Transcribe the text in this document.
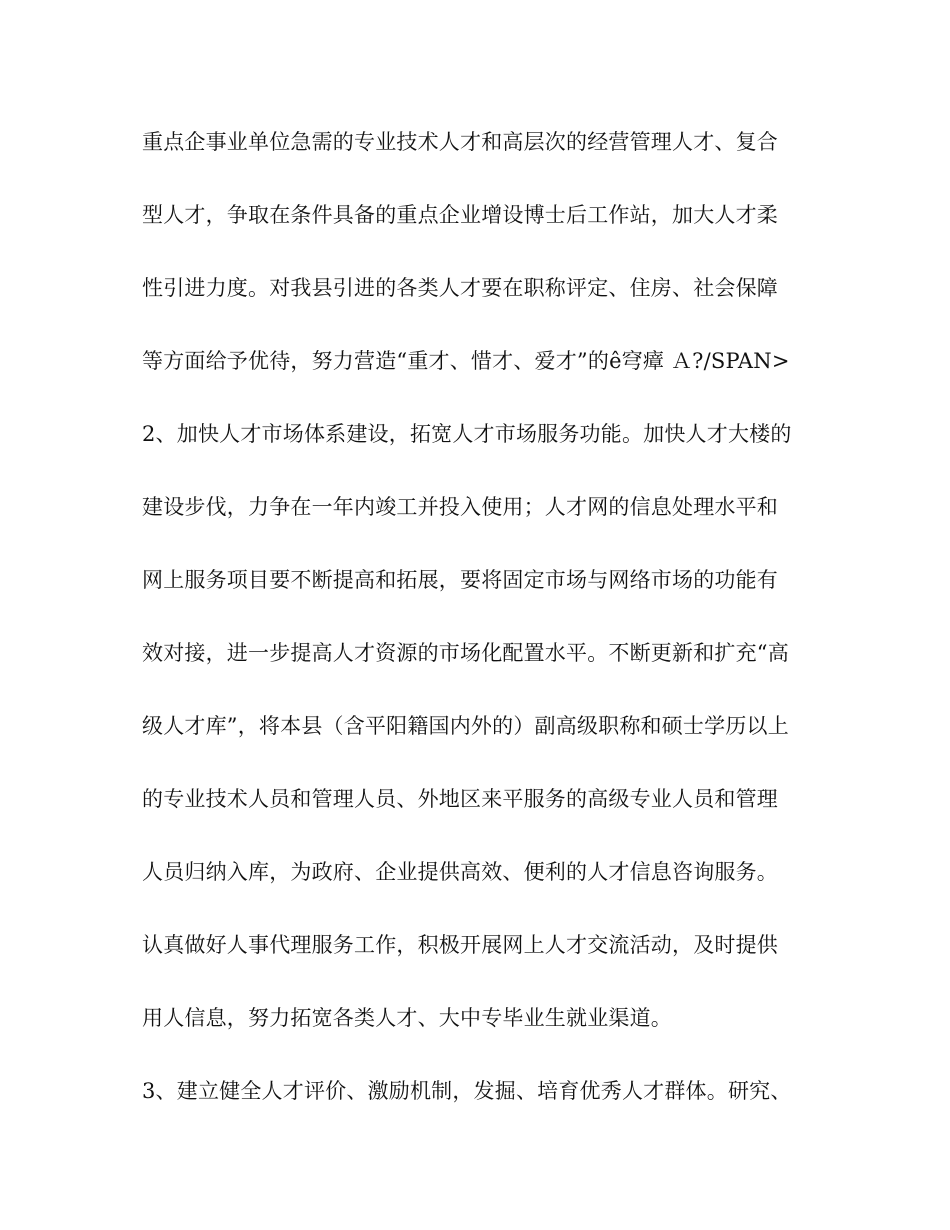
重点企事业单位急需的专业技术人才和高层次的经营管理人才、复合
型人才，争取在条件具备的重点企业增设博士后工作站，加大人才柔
性引进力度。对我县引进的各类人才要在职称评定、住房、社会保障
等方面给予优待，努力营造“重才、惜才、爱才”的ê穹瘴 Ａ?/SPAN>
2、加快人才市场体系建设，拓宽人才市场服务功能。加快人才大楼的
建设步伐，力争在一年内竣工并投入使用；人才网的信息处理水平和
网上服务项目要不断提高和拓展，要将固定市场与网络市场的功能有
效对接，进一步提高人才资源的市场化配置水平。不断更新和扩充“高
级人才库”，将本县（含平阳籍国内外的）副高级职称和硕士学历以上
的专业技术人员和管理人员、外地区来平服务的高级专业人员和管理
人员归纳入库，为政府、企业提供高效、便利的人才信息咨询服务。
认真做好人事代理服务工作，积极开展网上人才交流活动，及时提供
用人信息，努力拓宽各类人才、大中专毕业生就业渠道。
3、建立健全人才评价、激励机制，发掘、培育优秀人才群体。研究、
